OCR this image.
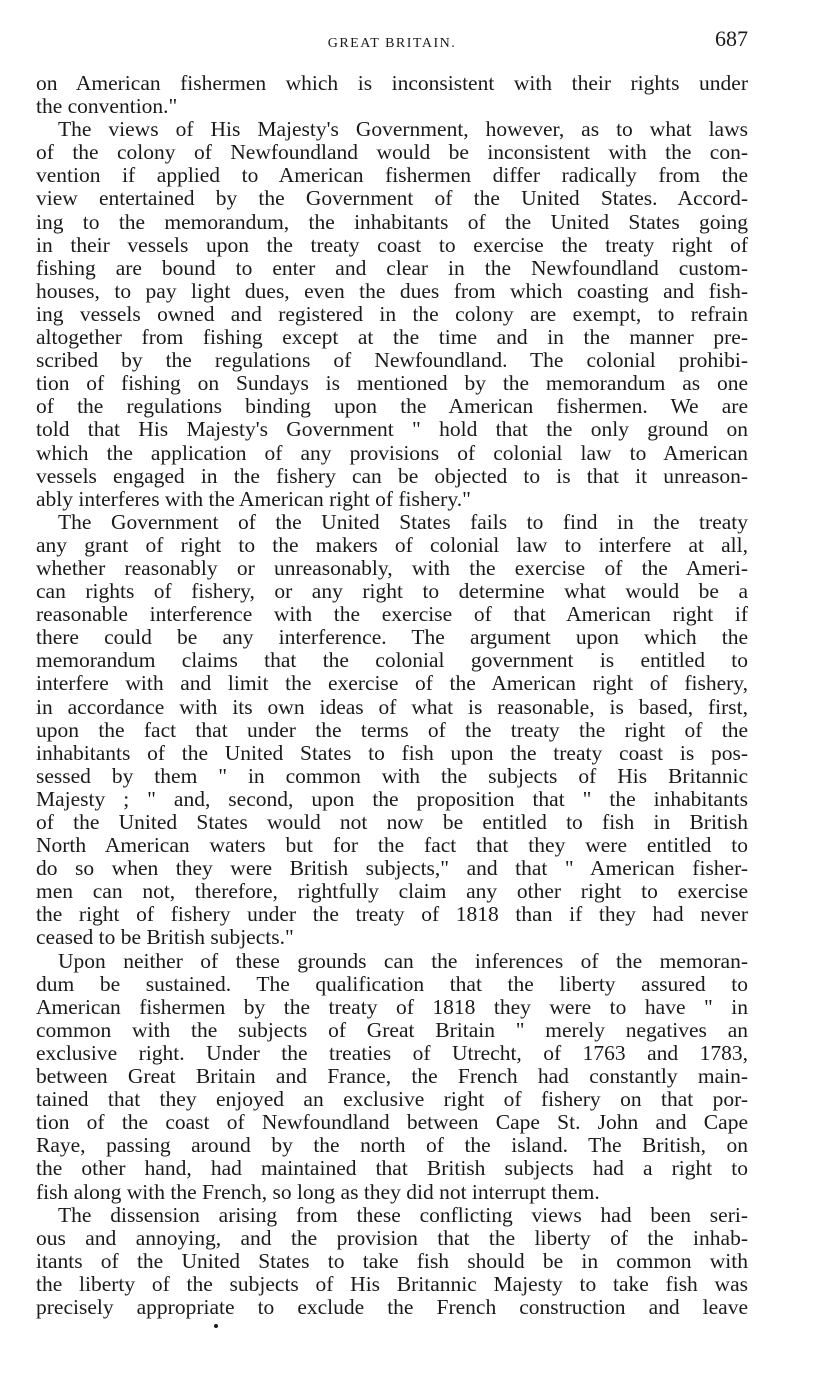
GREAT BRITAIN.	687
on American fishermen which is inconsistent with their rights under
the convention."
The views of His Majesty's Government, however, as to what laws
of the colony of Newfoundland would be inconsistent with the con-
vention if applied to American fishermen differ radically from the
view entertained by the Government of the United States. Accord-
ing to the memorandum, the inhabitants of the United States going
in their vessels upon the treaty coast to exercise the treaty right of
fishing are bound to enter and clear in the Newfoundland custom-
houses, to pay light dues, even the dues from which coasting and fish-
ing vessels owned and registered in the colony are exempt, to refrain
altogether from fishing except at the time and in the manner pre-
scribed by the regulations of Newfoundland. The colonial prohibi-
tion of fishing on Sundays is mentioned by the memorandum as one
of the regulations binding upon the American fishermen. We are
told that His Majesty's Government " hold that the only ground on
which the application of any provisions of colonial law to American
vessels engaged in the fishery can be objected to is that it unreason-
ably interferes with the American right of fishery."
The Government of the United States fails to find in the treaty
any grant of right to the makers of colonial law to interfere at all,
whether reasonably or unreasonably, with the exercise of the Ameri-
can rights of fishery, or any right to determine what would be a
reasonable interference with the exercise of that American right if
there could be any interference. The argument upon which the
memorandum claims that the colonial government is entitled to
interfere with and limit the exercise of the American right of fishery,
in accordance with its own ideas of what is reasonable, is based, first,
upon the fact that under the terms of the treaty the right of the
inhabitants of the United States to fish upon the treaty coast is pos-
sessed by them " in common with the subjects of His Britannic
Majesty ; " and, second, upon the proposition that " the inhabitants
of the United States would not now be entitled to fish in British
North American waters but for the fact that they were entitled to
do so when they were British subjects," and that " American fisher-
men can not, therefore, rightfully claim any other right to exercise
the right of fishery under the treaty of 1818 than if they had never
ceased to be British subjects."
Upon neither of these grounds can the inferences of the memoran-
dum be sustained. The qualification that the liberty assured to
American fishermen by the treaty of 1818 they were to have " in
common with the subjects of Great Britain " merely negatives an
exclusive right. Under the treaties of Utrecht, of 1763 and 1783,
between Great Britain and France, the French had constantly main-
tained that they enjoyed an exclusive right of fishery on that por-
tion of the coast of Newfoundland between Cape St. John and Cape
Raye, passing around by the north of the island. The British, on
the other hand, had maintained that British subjects had a right to
fish along with the French, so long as they did not interrupt them.
The dissension arising from these conflicting views had been seri-
ous and annoying, and the provision that the liberty of the inhab-
itants of the United States to take fish should be in common with
the liberty of the subjects of His Britannic Majesty to take fish was
precisely appropriate to exclude the French construction and leave
